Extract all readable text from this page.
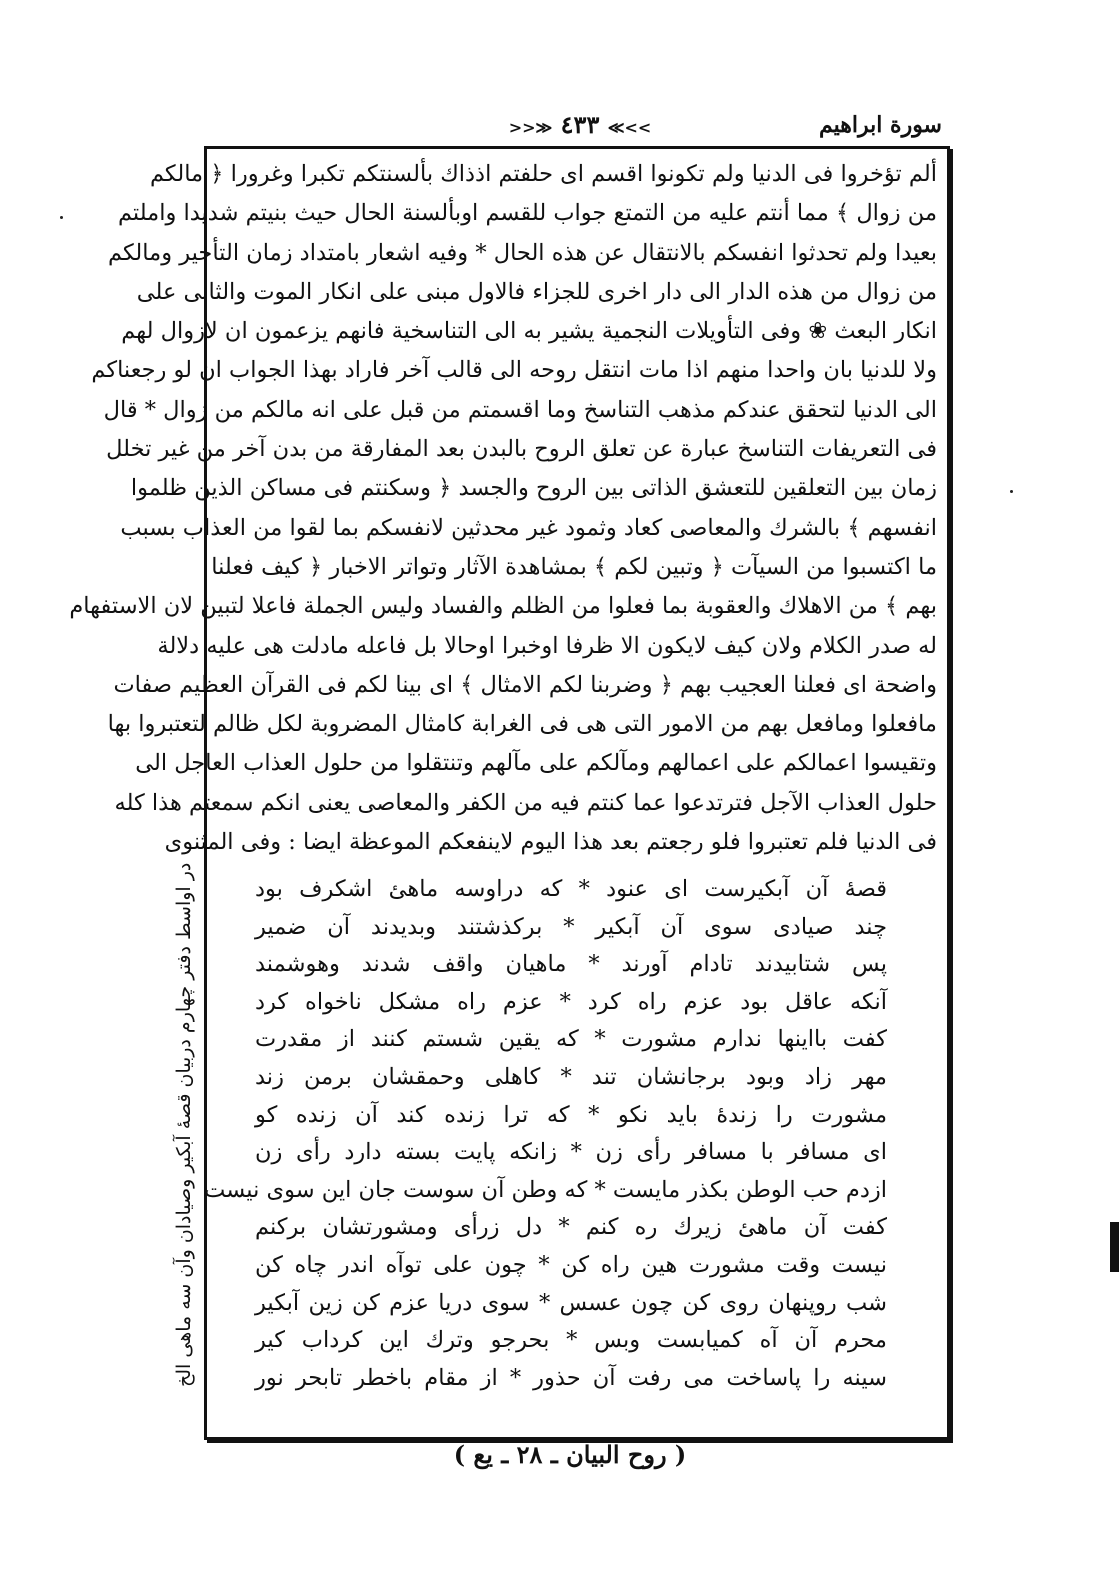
سورة ابراهيم
>>≫ ٤٣٣ ≪<<
ألم تؤخروا فى الدنيا ولم تكونوا اقسم اى حلفتم اذذاك بألسنتكم تكبرا وغرورا ﴿ مالكم
من زوال ﴾ مما أنتم عليه من التمتع جواب للقسم اوبألسنة الحال حيث بنيتم شديدا واملتم
بعيدا ولم تحدثوا انفسكم بالانتقال عن هذه الحال * وفيه اشعار بامتداد زمان التأخير ومالكم
من زوال من هذه الدار الى دار اخرى للجزاء فالاول مبنى على انكار الموت والثانى على
انكار البعث ❀ وفى التأويلات النجمية يشير به الى التناسخية فانهم يزعمون ان لازوال لهم
ولا للدنيا بان واحدا منهم اذا مات انتقل روحه الى قالب آخر فاراد بهذا الجواب ان لو رجعناكم
الى الدنيا لتحقق عندكم مذهب التناسخ وما اقسمتم من قبل على انه مالكم من زوال * قال
فى التعريفات التناسخ عبارة عن تعلق الروح بالبدن بعد المفارقة من بدن آخر من غير تخلل
زمان بين التعلقين للتعشق الذاتى بين الروح والجسد ﴿ وسكنتم فى مساكن الذين ظلموا
انفسهم ﴾ بالشرك والمعاصى كعاد وثمود غير محدثين لانفسكم بما لقوا من العذاب بسبب
ما اكتسبوا من السيآت ﴿ وتبين لكم ﴾ بمشاهدة الآثار وتواتر الاخبار ﴿ كيف فعلنا
بهم ﴾ من الاهلاك والعقوبة بما فعلوا من الظلم والفساد وليس الجملة فاعلا لتبين لان الاستفهام
له صدر الكلام ولان كيف لايكون الا ظرفا اوخبرا اوحالا بل فاعله مادلت هى عليه دلالة
واضحة اى فعلنا العجيب بهم ﴿ وضربنا لكم الامثال ﴾ اى بينا لكم فى القرآن العظيم صفات
مافعلوا ومافعل بهم من الامور التى هى فى الغرابة كامثال المضروبة لكل ظالم لتعتبروا بها
وتقيسوا اعمالكم على اعمالهم ومآلكم على مآلهم وتنتقلوا من حلول العذاب العاجل الى
حلول العذاب الآجل فترتدعوا عما كنتم فيه من الكفر والمعاصى يعنى انكم سمعتم هذا كله
فى الدنيا فلم تعتبروا فلو رجعتم بعد هذا اليوم لاينفعكم الموعظة ايضا : وفى المثنوى
قصهٔ آن آبكيرست اى عنود * كه دراوسه ماهئ اشكرف بود
چند صيادى سوى آن آبكير * بركذشتند وبديدند آن ضمير
پس شتابيدند تادام آورند * ماهيان واقف شدند وهوشمند
آنكه عاقل بود عزم راه كرد * عزم راه مشكل ناخواه كرد
كفت بااينها ندارم مشورت * كه يقين شستم كنند از مقدرت
مهر زاد وبود برجانشان تند * كاهلى وحمقشان برمن زند
مشورت را زندهٔ بايد نكو * كه ترا زنده كند آن زنده كو
اى مسافر با مسافر رأى زن * زانكه پايت بسته دارد رأى زن
ازدم حب الوطن بكذر مايست * كه وطن آن سوست جان اين سوى نيست
كفت آن ماهئ زيرك ره كنم * دل زرأى ومشورتشان بركنم
نيست وقت مشورت هين راه كن * چون على توآه اندر چاه كن
شب روپنهان روى كن چون عسس * سوى دريا عزم كن زين آبكير
محرم آن آه كميابست وبس * بحرجو وترك اين كرداب كير
سينه را پاساخت مى رفت آن حذور * از مقام باخطر تابحر نور
در اواسط دفتر چهارم دربيان قصهٔ آبكير وصيادان وآن سه ماهى الخ
( روح البيان ـ ٢٨ ـ يع )
